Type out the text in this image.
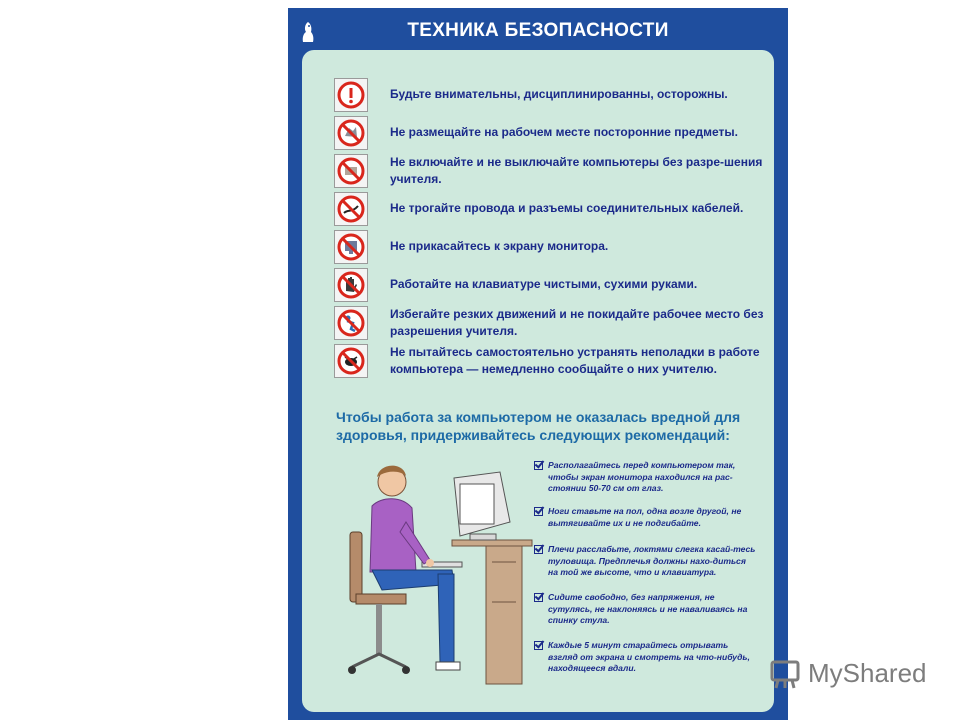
ТЕХНИКА БЕЗОПАСНОСТИ
Будьте внимательны, дисциплинированны, осторожны.
Не размещайте на рабочем месте посторонние предметы.
Не включайте и не выключайте компьютеры без разре-шения учителя.
Не трогайте провода и разъемы соединительных кабелей.
Не прикасайтесь к экрану монитора.
Работайте на клавиатуре чистыми, сухими руками.
Избегайте резких движений и не покидайте рабочее место без разрешения учителя.
Не пытайтесь самостоятельно устранять неполадки в работе компьютера — немедленно сообщайте о них учителю.
Чтобы работа за компьютером не оказалась вредной для здоровья, придерживайтесь следующих рекомендаций:
Располагайтесь перед компьютером так, чтобы экран монитора находился на рас-стоянии 50-70 см от глаз.
Ноги ставьте на пол, одна возле другой, не вытягивайте их и не подгибайте.
Плечи расслабьте, локтями слегка касай-тесь туловища. Предплечья должны нахо-диться на той же высоте, что и клавиатура.
Сидите свободно, без напряжения, не сутулясь, не наклоняясь и не наваливаясь на спинку стула.
Каждые 5 минут старайтесь отрывать взгляд от экрана и смотреть на что-нибудь, находящееся вдали.	MyShared
